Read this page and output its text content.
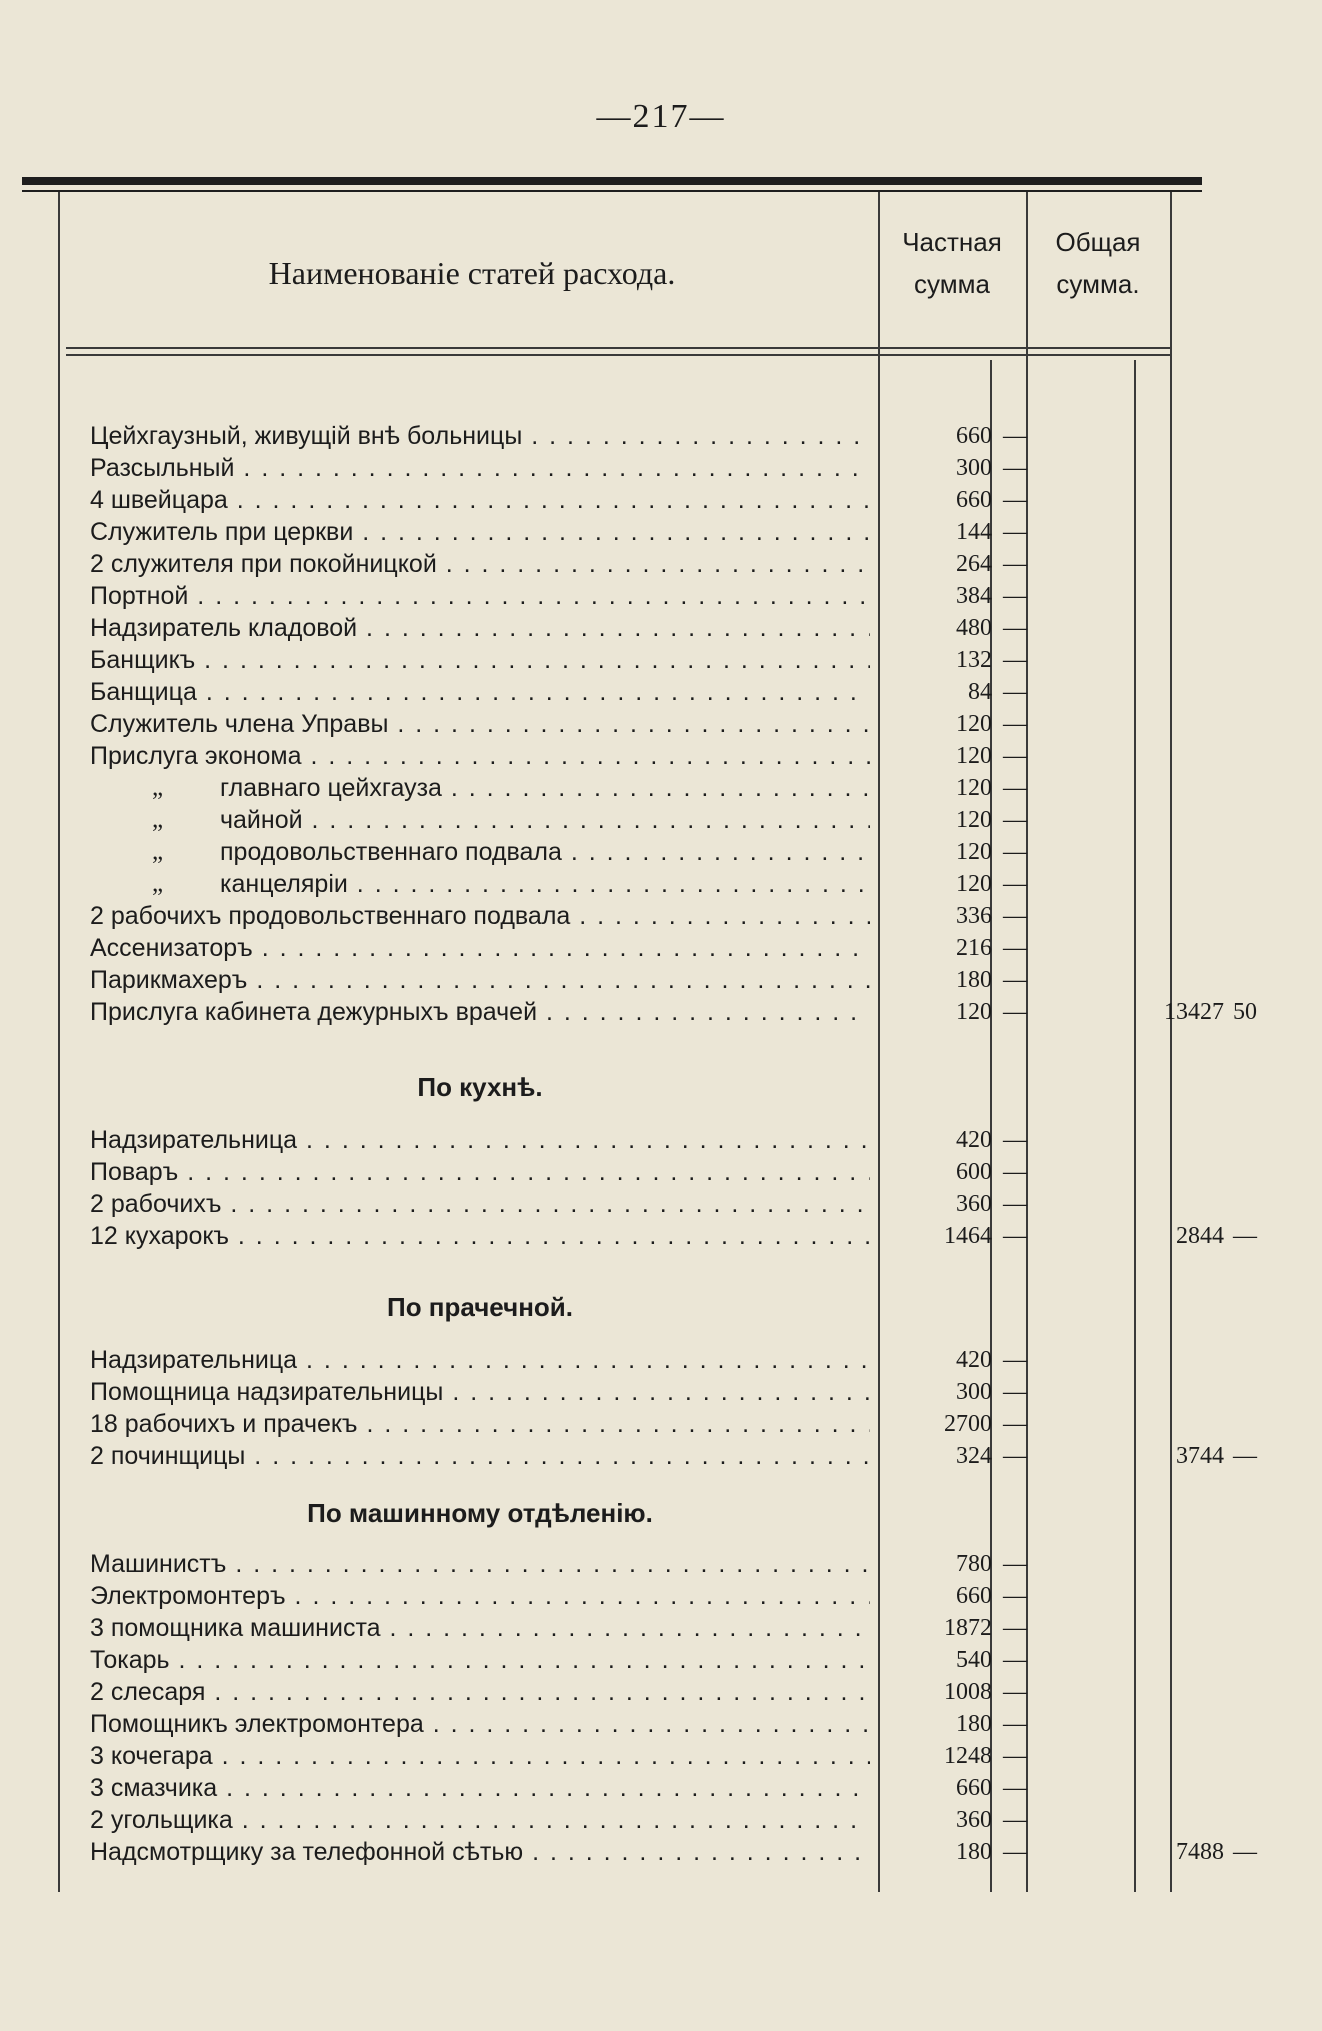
—217—
Наименованіе статей расхода.
Частная
сумма
Общая
сумма.
Цейхгаузный, живущій внѣ больницы . . .	660 —
Разсыльный . . .	300 —
4 швейцара . . .	660 —
Служитель при церкви . . .	144 —
2 служителя при покойницкой . . .	264 —
Портной . . .	384 —
Надзиратель кладовой . . .	480 —
Банщикъ . . .	132 —
Банщица . . .	84 —
Служитель члена Управы . . .	120 —
Прислуга эконома . . .	120 —
„ главнаго цейхгауза . . .	120 —
„ чайной . . .	120 —
„ продовольственнаго подвала . . .	120 —
„ канцеляріи . . .	120 —
2 рабочихъ продовольственнаго подвала . . .	336 —
Ассенизаторъ . . .	216 —
Парикмахеръ . . .	180 —
Прислуга кабинета дежурныхъ врачей . . .	120 —	13427 50
По кухнѣ.
Надзирательница . . .	420 —
Поваръ . . .	600 —
2 рабочихъ . . .	360 —
12 кухарокъ . . .	1464 —	2844 —
По прачечной.
Надзирательница . . .	420 —
Помощница надзирательницы . . .	300 —
18 рабочихъ и прачекъ . . .	2700 —
2 починщицы . . .	324 —	3744 —
По машинному отдѣленію.
Машинистъ . . .	780 —
Электромонтеръ . . .	660 —
3 помощника машиниста . . .	1872 —
Токарь . . .	540 —
2 слесаря . . .	1008 —
Помощникъ электромонтера . . .	180 —
3 кочегара . . .	1248 —
3 смазчика . . .	660 —
2 угольщика . . .	360 —
Надсмотрщику за телефонной сѣтью . . .	180 —	7488 —
